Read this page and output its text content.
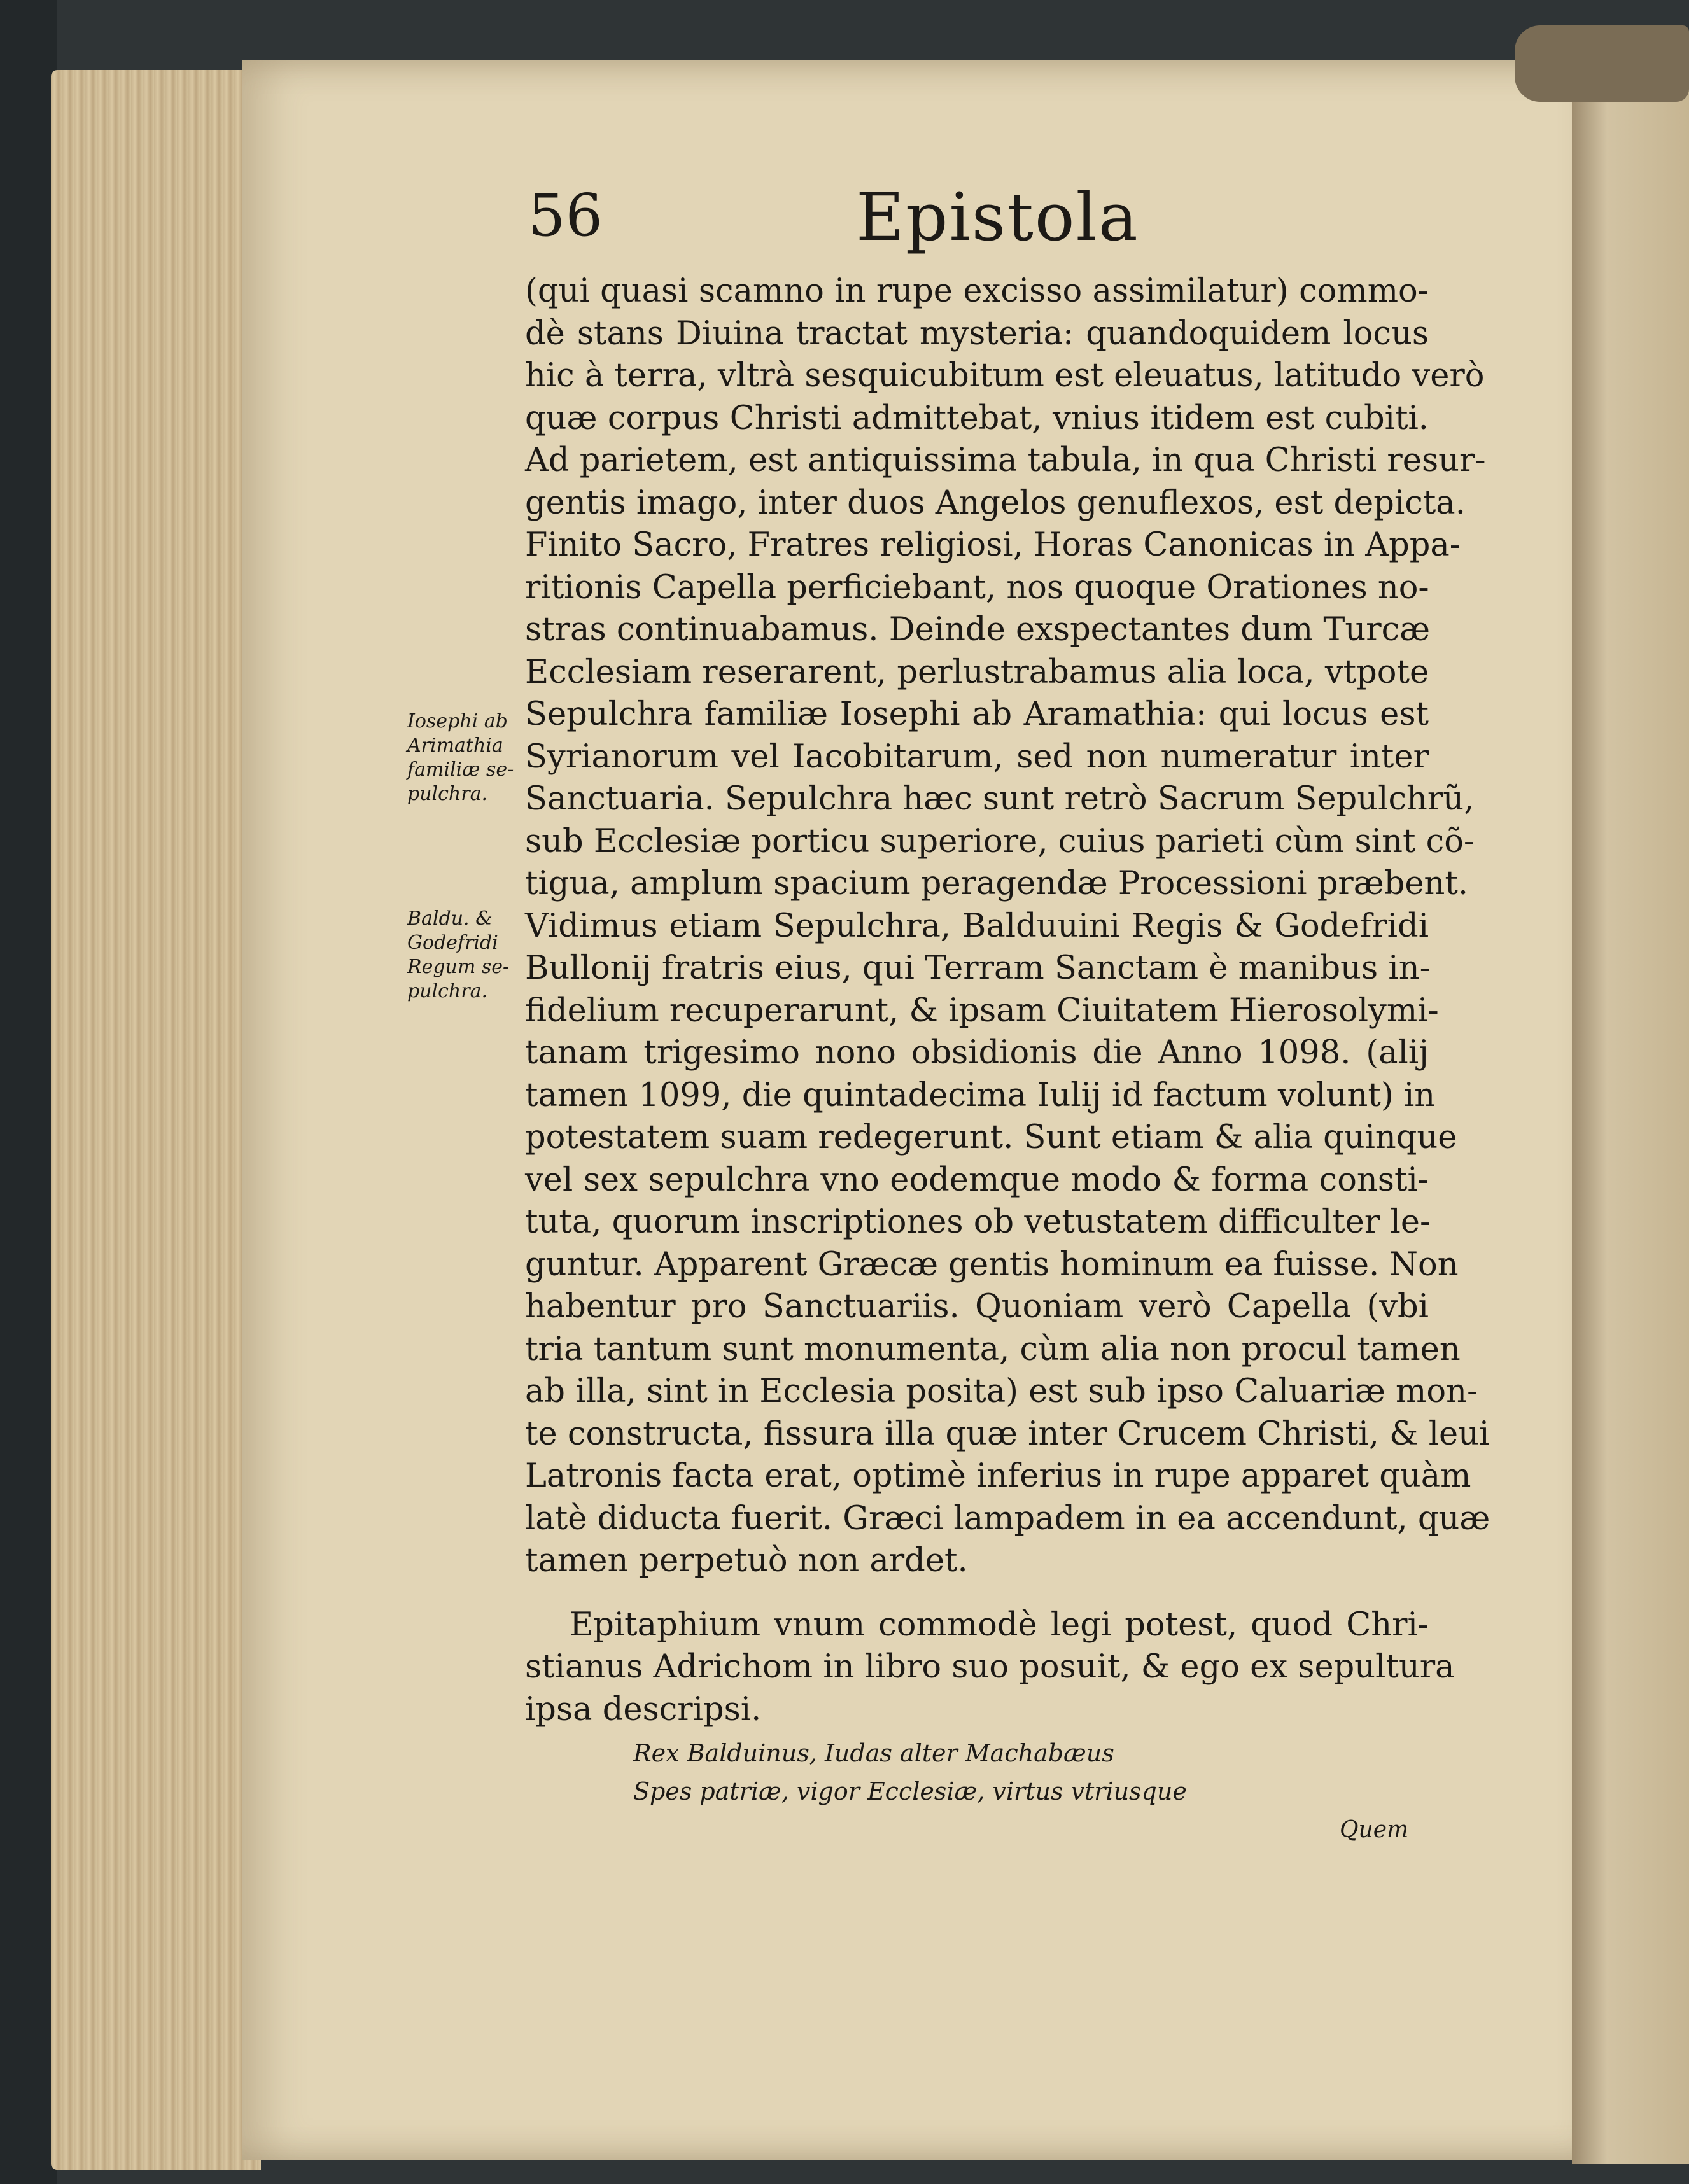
56	Epistola
(qui quasi scamno in rupe excisso assimilatur) commo-
dè stans Diuina tractat mysteria: quandoquidem locus
hic à terra, vltrà sesquicubitum est eleuatus, latitudo verò
quæ corpus Christi admittebat, vnius itidem est cubiti.
Ad parietem, est antiquissima tabula, in qua Christi resur-
gentis imago, inter duos Angelos genuflexos, est depicta.
Finito Sacro, Fratres religiosi, Horas Canonicas in Appa-
ritionis Capella perficiebant, nos quoque Orationes no-
stras continuabamus. Deinde exspectantes dum Turcæ
Ecclesiam reserarent, perlustrabamus alia loca, vtpote
Sepulchra familiæ Iosephi ab Aramathia: qui locus est
Syrianorum vel Iacobitarum, sed non numeratur inter
Sanctuaria. Sepulchra hæc sunt retrò Sacrum Sepulchrũ,
sub Ecclesiæ porticu superiore, cuius parieti cùm sint cõ-
tigua, amplum spacium peragendæ Processioni præbent.
Vidimus etiam Sepulchra, Balduuini Regis & Godefridi
Bullonij fratris eius, qui Terram Sanctam è manibus in-
fidelium recuperarunt, & ipsam Ciuitatem Hierosolymi-
tanam trigesimo nono obsidionis die Anno 1098. (alij
tamen 1099, die quintadecima Iulij id factum volunt) in
potestatem suam redegerunt. Sunt etiam & alia quinque
vel sex sepulchra vno eodemque modo & forma consti-
tuta, quorum inscriptiones ob vetustatem difficulter le-
guntur. Apparent Græcæ gentis hominum ea fuisse. Non
habentur pro Sanctuariis. Quoniam verò Capella (vbi
tria tantum sunt monumenta, cùm alia non procul tamen
ab illa, sint in Ecclesia posita) est sub ipso Caluariæ mon-
te constructa, fissura illa quæ inter Crucem Christi, & leui
Latronis facta erat, optimè inferius in rupe apparet quàm
latè diducta fuerit. Græci lampadem in ea accendunt, quæ
tamen perpetuò non ardet.
Epitaphium vnum commodè legi potest, quod Chri-
stianus Adrichom in libro suo posuit, & ego ex sepultura
ipsa descripsi.
Iosephi ab
Arimathia
familiæ se-
pulchra.
Baldu. &
Godefridi
Regum se-
pulchra.
Rex Balduinus, Iudas alter Machabæus
Spes patriæ, vigor Ecclesiæ, virtus vtriusque
Quem
